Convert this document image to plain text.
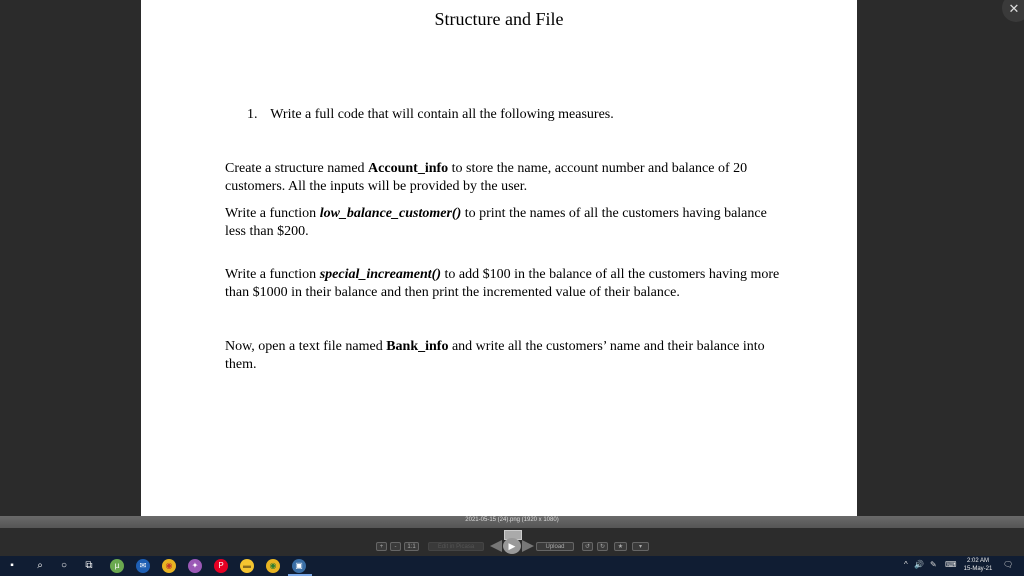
Structure and File
1. Write a full code that will contain all the following measures.
Create a structure named Account_info to store the name, account number and balance of 20 customers. All the inputs will be provided by the user.
Write a function low_balance_customer() to print the names of all the customers having balance less than $200.
Write a function special_increament() to add $100 in the balance of all the customers having more than $1000 in their balance and then print the incremented value of their balance.
Now, open a text file named Bank_info and write all the customers’ name and their balance into them.
✕
2021-05-15 (24).png (1920 x 1080)
+	-	1:1	Edit in Picasa	▶	Upload	↺	↻	★	▾
▪	⌕	○	⧉	µ	✉	◉	✦	P	▬	◉	▣	^ 🔊 ✎ ⌨	2:02 AM
15-May-21	🗨
